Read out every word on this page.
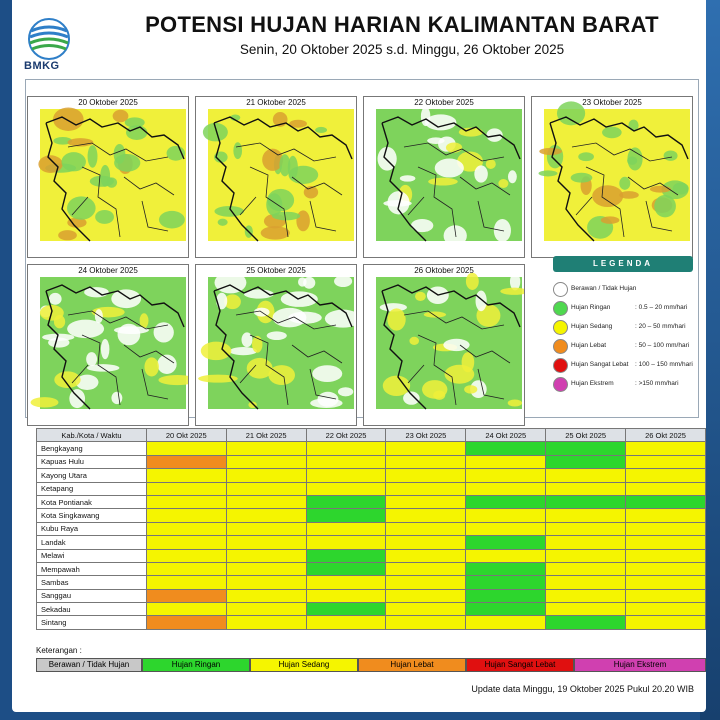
BMKG
POTENSI HUJAN HARIAN KALIMANTAN BARAT
Senin, 20 Oktober 2025 s.d. Minggu, 26 Oktober 2025
20 Oktober 2025	21 Oktober 2025	22 Oktober 2025	23 Oktober 2025
24 Oktober 2025	25 Oktober 2025	26 Oktober 2025
LEGENDA
Berawan / Tidak Hujan
Hujan Ringan	: 0.5 – 20 mm/hari
Hujan Sedang	: 20 – 50 mm/hari
Hujan Lebat	: 50 – 100 mm/hari
Hujan Sangat Lebat : 100 – 150 mm/hari
Hujan Ekstrem	: >150 mm/hari
Kab./Kota / Waktu	20 Okt 2025	21 Okt 2025	22 Okt 2025	23 Okt 2025	24 Okt 2025	25 Okt 2025	26 Okt 2025
Bengkayang							
Kapuas Hulu							
Kayong Utara							
Ketapang							
Kota Pontianak							
Kota Singkawang							
Kubu Raya							
Landak							
Melawi							
Mempawah							
Sambas							
Sanggau							
Sekadau							
Sintang							
Keterangan :
Berawan / Tidak Hujan	Hujan Ringan	Hujan Sedang	Hujan Lebat	Hujan Sangat Lebat	Hujan Ekstrem
Update data Minggu, 19 Oktober 2025 Pukul 20.20 WIB
